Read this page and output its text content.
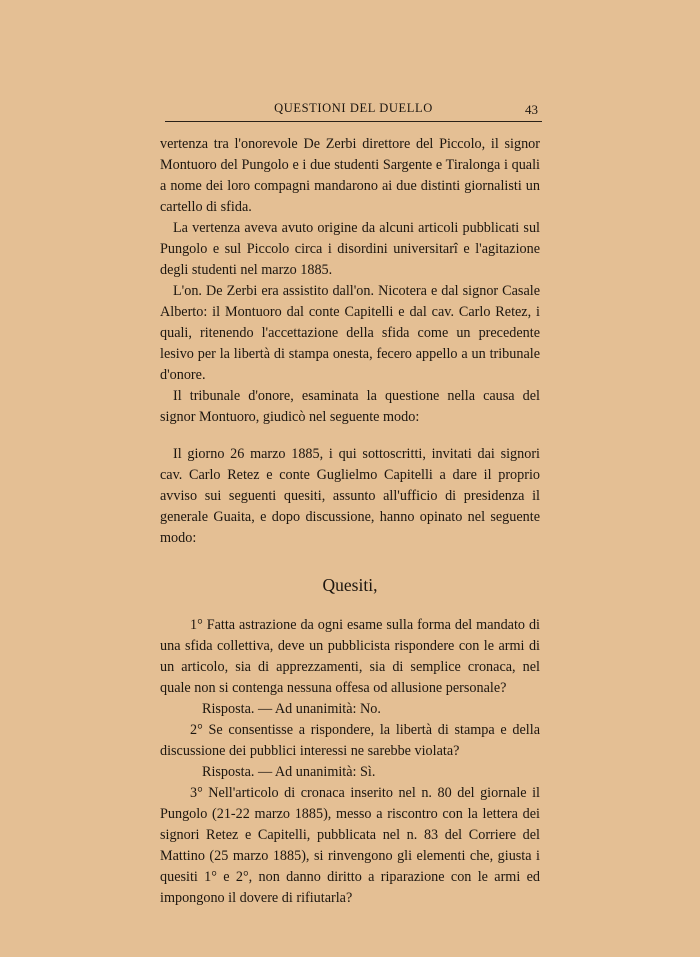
QUESTIONI DEL DUELLO	43

vertenza tra l'onorevole De Zerbi direttore del Piccolo, il signor Montuoro del Pungolo e i due studenti Sargente e Tiralonga i quali a nome dei loro compagni mandarono ai due distinti giornalisti un cartello di sfida.

La vertenza aveva avuto origine da alcuni articoli pubblicati sul Pungolo e sul Piccolo circa i disordini universitarî e l'agitazione degli studenti nel marzo 1885.

L'on. De Zerbi era assistito dall'on. Nicotera e dal signor Casale Alberto: il Montuoro dal conte Capitelli e dal cav. Carlo Retez, i quali, ritenendo l'accettazione della sfida come un precedente lesivo per la libertà di stampa onesta, fecero appello a un tribunale d'onore.

Il tribunale d'onore, esaminata la questione nella causa del signor Montuoro, giudicò nel seguente modo:

Il giorno 26 marzo 1885, i qui sottoscritti, invitati dai signori cav. Carlo Retez e conte Guglielmo Capitelli a dare il proprio avviso sui seguenti quesiti, assunto all'ufficio di presidenza il generale Guaita, e dopo discussione, hanno opinato nel seguente modo:

Quesiti,

1° Fatta astrazione da ogni esame sulla forma del mandato di una sfida collettiva, deve un pubblicista rispondere con le armi di un articolo, sia di apprezzamenti, sia di semplice cronaca, nel quale non si contenga nessuna offesa od allusione personale?

Risposta. — Ad unanimità: No.

2° Se consentisse a rispondere, la libertà di stampa e della discussione dei pubblici interessi ne sarebbe violata?

Risposta. — Ad unanimità: Sì.

3° Nell'articolo di cronaca inserito nel n. 80 del giornale il Pungolo (21-22 marzo 1885), messo a riscontro con la lettera dei signori Retez e Capitelli, pubblicata nel n. 83 del Corriere del Mattino (25 marzo 1885), si rinvengono gli elementi che, giusta i quesiti 1° e 2°, non danno diritto a riparazione con le armi ed impongono il dovere di rifiutarla?
